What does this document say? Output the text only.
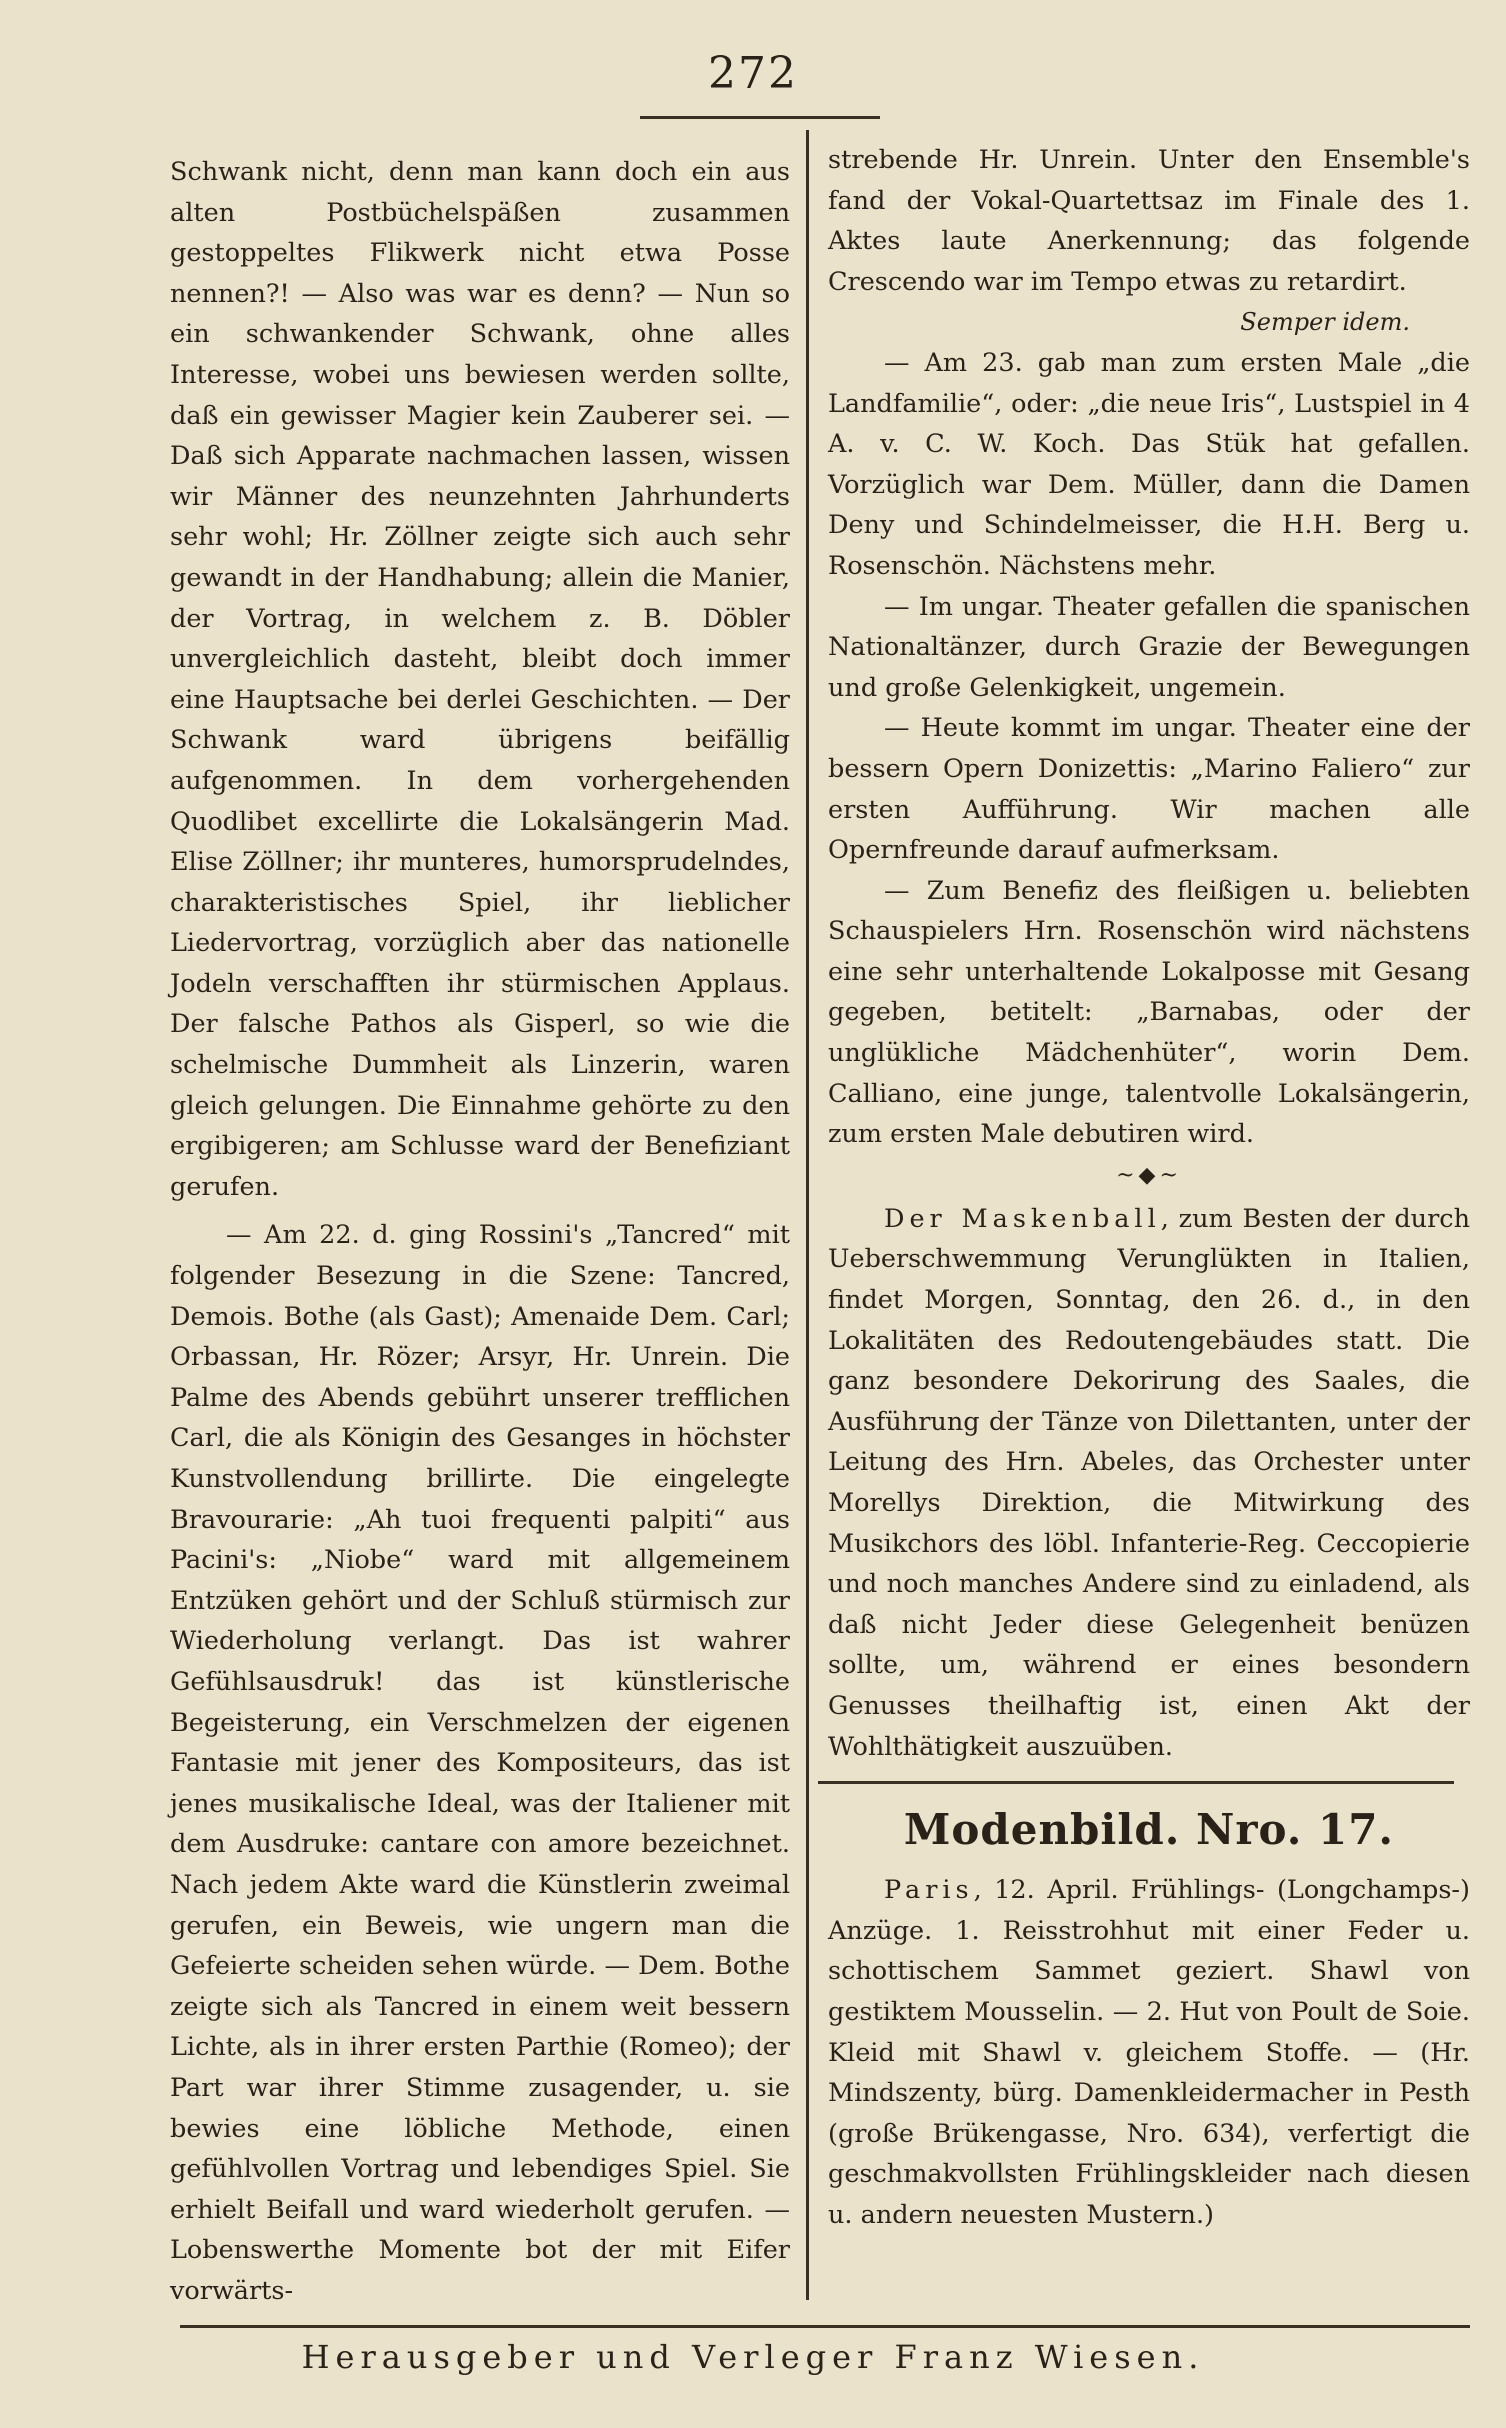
272

Schwank nicht, denn man kann doch ein aus alten Postbüchelspäßen zusammen gestoppeltes Flikwerk nicht etwa Posse nennen?! — Also was war es denn? — Nun so ein schwankender Schwank, ohne alles Interesse, wobei uns bewiesen werden sollte, daß ein gewisser Magier kein Zauberer sei. — Daß sich Apparate nachmachen lassen, wissen wir Männer des neunzehnten Jahrhunderts sehr wohl; Hr. Zöllner zeigte sich auch sehr gewandt in der Handhabung; allein die Manier, der Vortrag, in welchem z. B. Döbler unvergleichlich dasteht, bleibt doch immer eine Hauptsache bei derlei Geschichten. — Der Schwank ward übrigens beifällig aufgenommen. In dem vorhergehenden Quodlibet excellirte die Lokalsängerin Mad. Elise Zöllner; ihr munteres, humorsprudelndes, charakteristisches Spiel, ihr lieblicher Liedervortrag, vorzüglich aber das nationelle Jodeln verschafften ihr stürmischen Applaus. Der falsche Pathos als Gisperl, so wie die schelmische Dummheit als Linzerin, waren gleich gelungen. Die Einnahme gehörte zu den ergibigeren; am Schlusse ward der Benefiziant gerufen.

— Am 22. d. ging Rossini's „Tancred“ mit folgender Besezung in die Szene: Tancred, Demois. Bothe (als Gast); Amenaide Dem. Carl; Orbassan, Hr. Rözer; Arsyr, Hr. Unrein. Die Palme des Abends gebührt unserer trefflichen Carl, die als Königin des Gesanges in höchster Kunstvollendung brillirte. Die eingelegte Bravourarie: „Ah tuoi frequenti palpiti“ aus Pacini's: „Niobe“ ward mit allgemeinem Entzüken gehört und der Schluß stürmisch zur Wiederholung verlangt. Das ist wahrer Gefühlsausdruk! das ist künstlerische Begeisterung, ein Verschmelzen der eigenen Fantasie mit jener des Kompositeurs, das ist jenes musikalische Ideal, was der Italiener mit dem Ausdruke: cantare con amore bezeichnet. Nach jedem Akte ward die Künstlerin zweimal gerufen, ein Beweis, wie ungern man die Gefeierte scheiden sehen würde. — Dem. Bothe zeigte sich als Tancred in einem weit bessern Lichte, als in ihrer ersten Parthie (Romeo); der Part war ihrer Stimme zusagender, u. sie bewies eine löbliche Methode, einen gefühlvollen Vortrag und lebendiges Spiel. Sie erhielt Beifall und ward wiederholt gerufen. — Lobenswerthe Momente bot der mit Eifer vorwärts-

strebende Hr. Unrein. Unter den Ensemble's fand der Vokal-Quartettsaz im Finale des 1. Aktes laute Anerkennung; das folgende Crescendo war im Tempo etwas zu retardirt.

Semper idem.

— Am 23. gab man zum ersten Male „die Landfamilie“, oder: „die neue Iris“, Lustspiel in 4 A. v. C. W. Koch. Das Stük hat gefallen. Vorzüglich war Dem. Müller, dann die Damen Deny und Schindelmeisser, die H.H. Berg u. Rosenschön. Nächstens mehr.

— Im ungar. Theater gefallen die spanischen Nationaltänzer, durch Grazie der Bewegungen und große Gelenkigkeit, ungemein.

— Heute kommt im ungar. Theater eine der bessern Opern Donizettis: „Marino Faliero“ zur ersten Aufführung. Wir machen alle Opernfreunde darauf aufmerksam.

— Zum Benefiz des fleißigen u. beliebten Schauspielers Hrn. Rosenschön wird nächstens eine sehr unterhaltende Lokalposse mit Gesang gegeben, betitelt: „Barnabas, oder der unglükliche Mädchenhüter“, worin Dem. Calliano, eine junge, talentvolle Lokalsängerin, zum ersten Male debutiren wird.

~◆~

Der Maskenball, zum Besten der durch Ueberschwemmung Verunglükten in Italien, findet Morgen, Sonntag, den 26. d., in den Lokalitäten des Redoutengebäudes statt. Die ganz besondere Dekorirung des Saales, die Ausführung der Tänze von Dilettanten, unter der Leitung des Hrn. Abeles, das Orchester unter Morellys Direktion, die Mitwirkung des Musikchors des löbl. Infanterie-Reg. Ceccopierie und noch manches Andere sind zu einladend, als daß nicht Jeder diese Gelegenheit benüzen sollte, um, während er eines besondern Genusses theilhaftig ist, einen Akt der Wohlthätigkeit auszuüben.

Modenbild. Nro. 17.

Paris, 12. April. Frühlings- (Longchamps-) Anzüge. 1. Reisstrohhut mit einer Feder u. schottischem Sammet geziert. Shawl von gestiktem Mousselin. — 2. Hut von Poult de Soie. Kleid mit Shawl v. gleichem Stoffe. — (Hr. Mindszenty, bürg. Damenkleidermacher in Pesth (große Brükengasse, Nro. 634), verfertigt die geschmakvollsten Frühlingskleider nach diesen u. andern neuesten Mustern.)

Herausgeber und Verleger Franz Wiesen.
